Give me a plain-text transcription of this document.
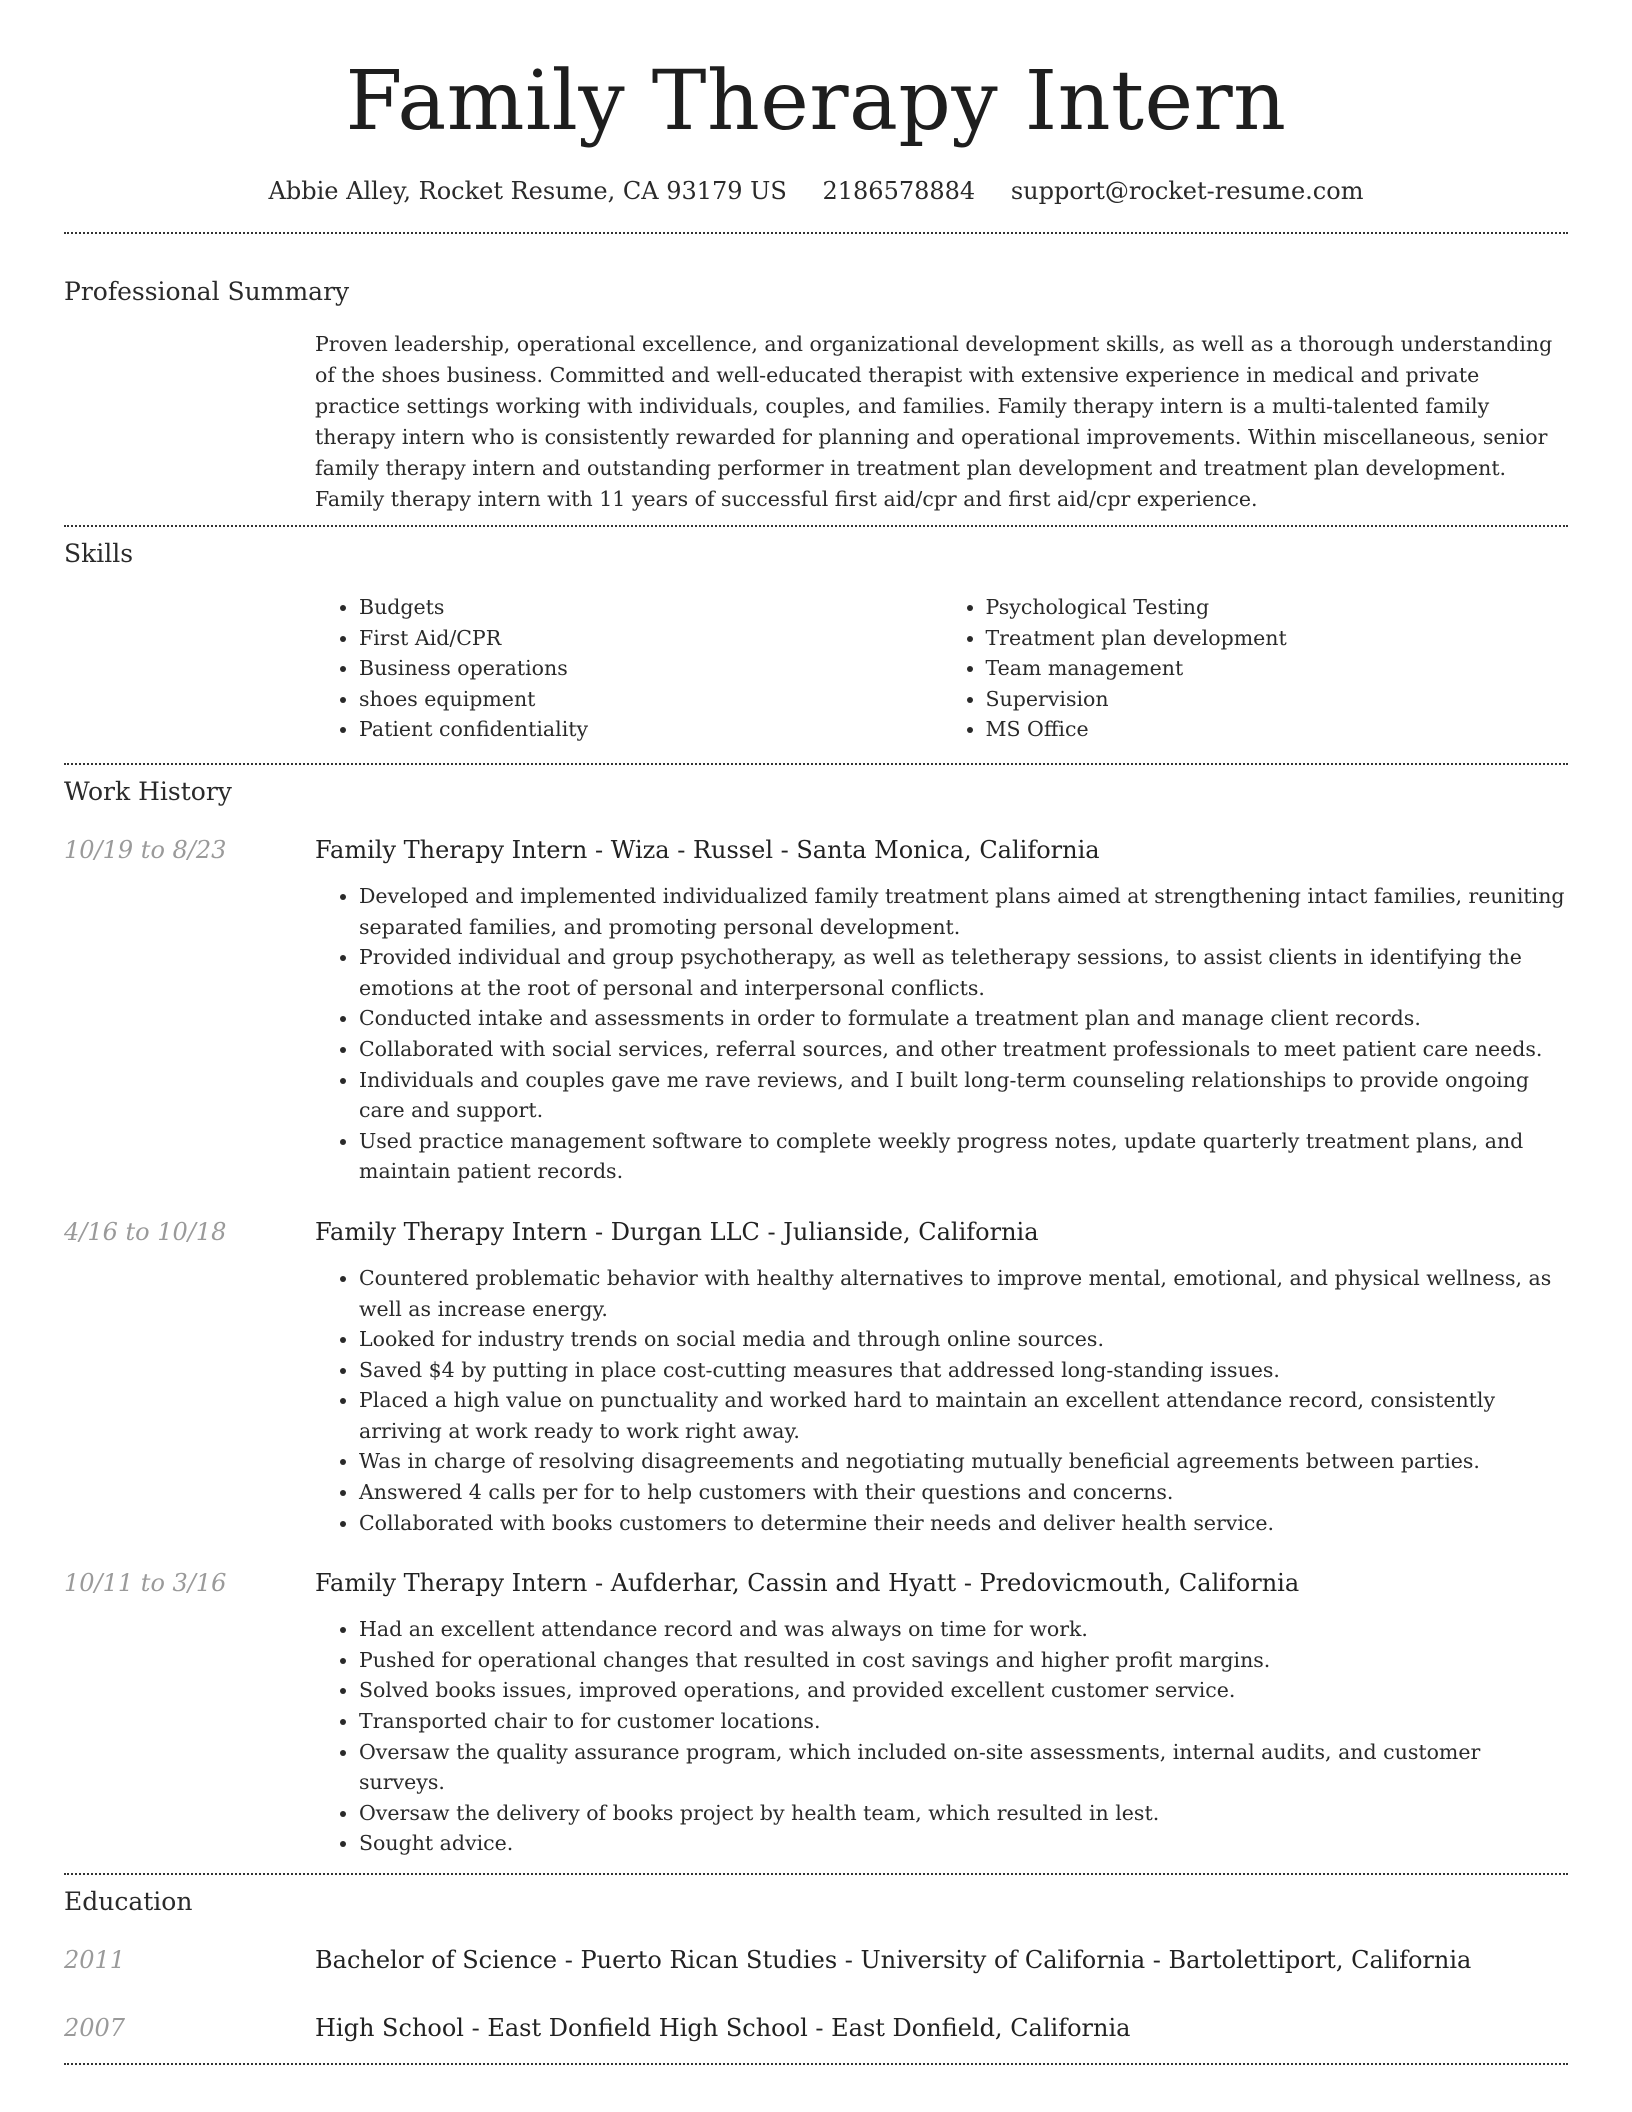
Family Therapy Intern
Abbie Alley, Rocket Resume, CA 93179 US 2186578884 support@rocket-resume.com
Professional Summary
Proven leadership, operational excellence, and organizational development skills, as well as a thorough understanding of the shoes business. Committed and well-educated therapist with extensive experience in medical and private practice settings working with individuals, couples, and families. Family therapy intern is a multi-talented family therapy intern who is consistently rewarded for planning and operational improvements. Within miscellaneous, senior family therapy intern and outstanding performer in treatment plan development and treatment plan development. Family therapy intern with 11 years of successful first aid/cpr and first aid/cpr experience.
Skills
• Budgets
• First Aid/CPR
• Business operations
• shoes equipment
• Patient confidentiality
• Psychological Testing
• Treatment plan development
• Team management
• Supervision
• MS Office
Work History
10/19 to 8/23	Family Therapy Intern - Wiza - Russel - Santa Monica, California
• Developed and implemented individualized family treatment plans aimed at strengthening intact families, reuniting separated families, and promoting personal development.
• Provided individual and group psychotherapy, as well as teletherapy sessions, to assist clients in identifying the emotions at the root of personal and interpersonal conflicts.
• Conducted intake and assessments in order to formulate a treatment plan and manage client records.
• Collaborated with social services, referral sources, and other treatment professionals to meet patient care needs.
• Individuals and couples gave me rave reviews, and I built long-term counseling relationships to provide ongoing care and support.
• Used practice management software to complete weekly progress notes, update quarterly treatment plans, and maintain patient records.
4/16 to 10/18	Family Therapy Intern - Durgan LLC - Julianside, California
• Countered problematic behavior with healthy alternatives to improve mental, emotional, and physical wellness, as well as increase energy.
• Looked for industry trends on social media and through online sources.
• Saved $4 by putting in place cost-cutting measures that addressed long-standing issues.
• Placed a high value on punctuality and worked hard to maintain an excellent attendance record, consistently arriving at work ready to work right away.
• Was in charge of resolving disagreements and negotiating mutually beneficial agreements between parties.
• Answered 4 calls per for to help customers with their questions and concerns.
• Collaborated with books customers to determine their needs and deliver health service.
10/11 to 3/16	Family Therapy Intern - Aufderhar, Cassin and Hyatt - Predovicmouth, California
• Had an excellent attendance record and was always on time for work.
• Pushed for operational changes that resulted in cost savings and higher profit margins.
• Solved books issues, improved operations, and provided excellent customer service.
• Transported chair to for customer locations.
• Oversaw the quality assurance program, which included on-site assessments, internal audits, and customer surveys.
• Oversaw the delivery of books project by health team, which resulted in lest.
• Sought advice.
Education
2011	Bachelor of Science - Puerto Rican Studies - University of California - Bartolettiport, California
2007	High School - East Donfield High School - East Donfield, California
